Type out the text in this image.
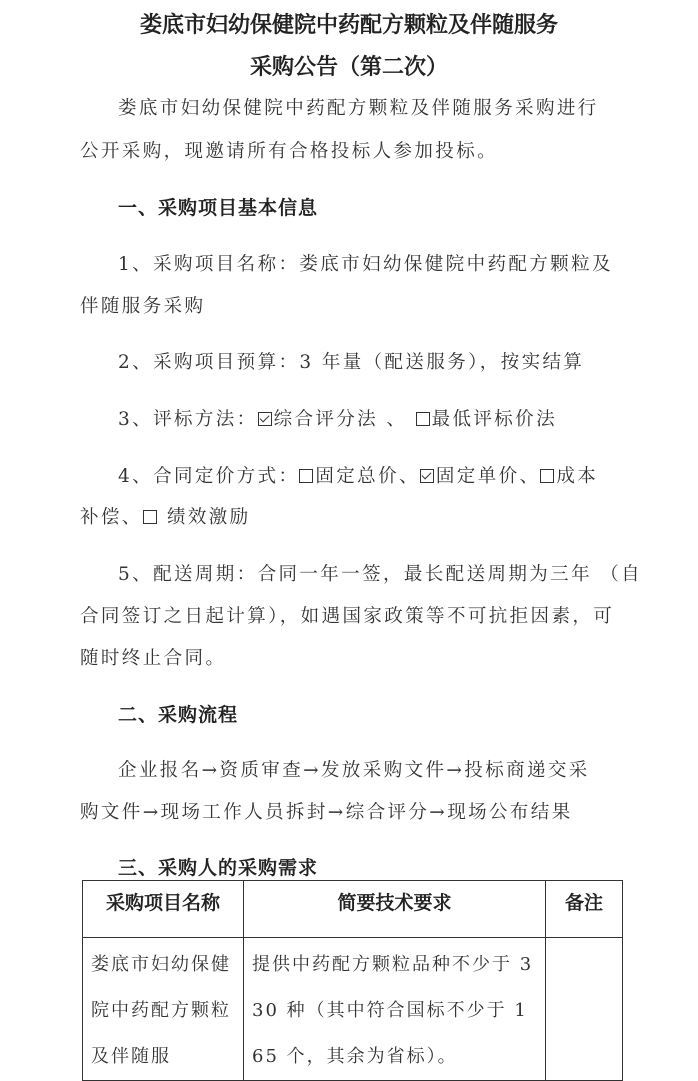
娄底市妇幼保健院中药配方颗粒及伴随服务
采购公告（第二次）
娄底市妇幼保健院中药配方颗粒及伴随服务采购进行
公开采购，现邀请所有合格投标人参加投标。
一、采购项目基本信息
1、采购项目名称：娄底市妇幼保健院中药配方颗粒及
伴随服务采购
2、采购项目预算：3 年量（配送服务），按实结算
3、评标方法： 综合评分法 、 最低评标价法
4、合同定价方式： 固定总价、 固定单价、 成本
补偿、 绩效激励
5、配送周期：合同一年一签，最长配送周期为三年 （自
合同签订之日起计算），如遇国家政策等不可抗拒因素，可
随时终止合同。
二、采购流程
企业报名→资质审查→发放采购文件→投标商递交采
购文件→现场工作人员拆封→综合评分→现场公布结果
三、采购人的采购需求
采购项目名称	简要技术要求	备注

娄底市妇幼保健院中药配方颗粒及伴随服	提供中药配方颗粒品种不少于 330 种（其中符合国标不少于 165 个，其余为省标）。	
